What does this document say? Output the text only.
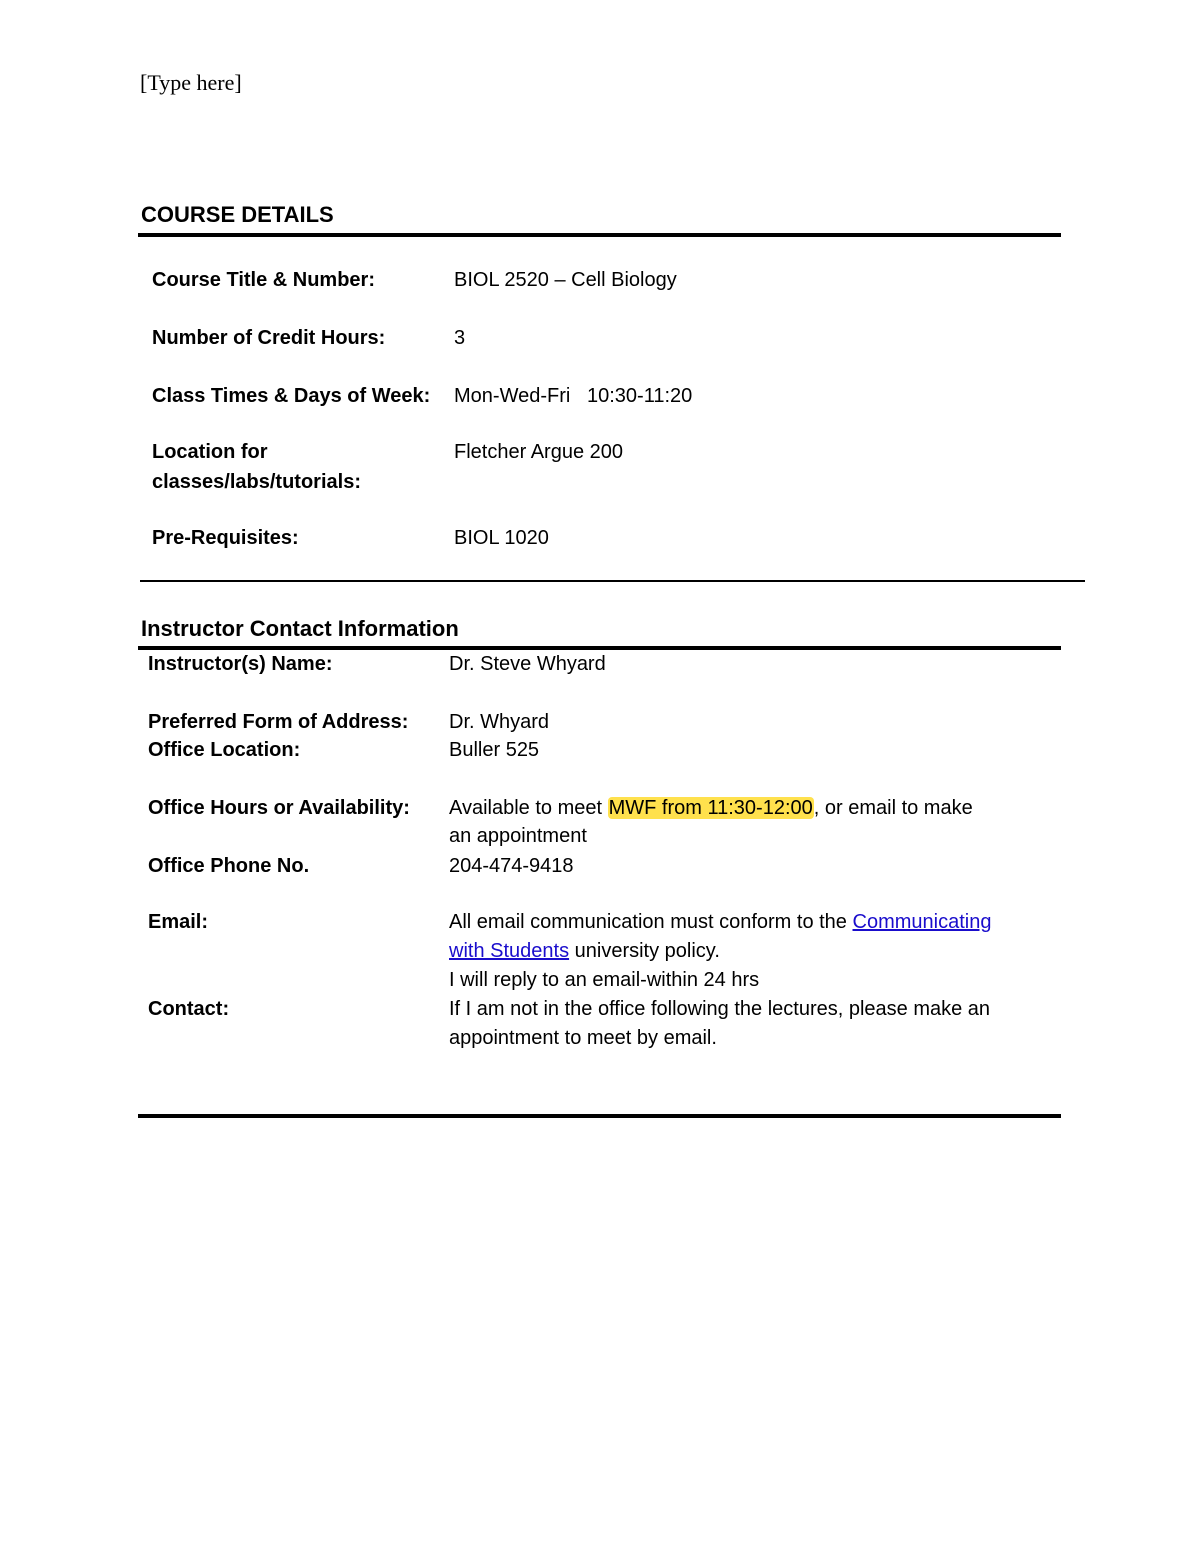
[Type here]

COURSE DETAILS
Course Title & Number:	BIOL 2520 – Cell Biology
Number of Credit Hours:	3
Class Times & Days of Week: Mon-Wed-Fri   10:30-11:20
Location for
classes/labs/tutorials:
Fletcher Argue 200
Pre-Requisites:	BIOL 1020
Instructor Contact Information
Instructor(s) Name:	Dr. Steve Whyard
Preferred Form of Address: Dr. Whyard
Office Location:	Buller 525
Office Hours or Availability: Available to meet MWF from 11:30-12:00, or email to make
an appointment
Office Phone No.	204-474-9418
Email:	All email communication must conform to the Communicating
with Students university policy.
I will reply to an email-within 24 hrs
Contact:	If I am not in the office following the lectures, please make an
appointment to meet by email.
